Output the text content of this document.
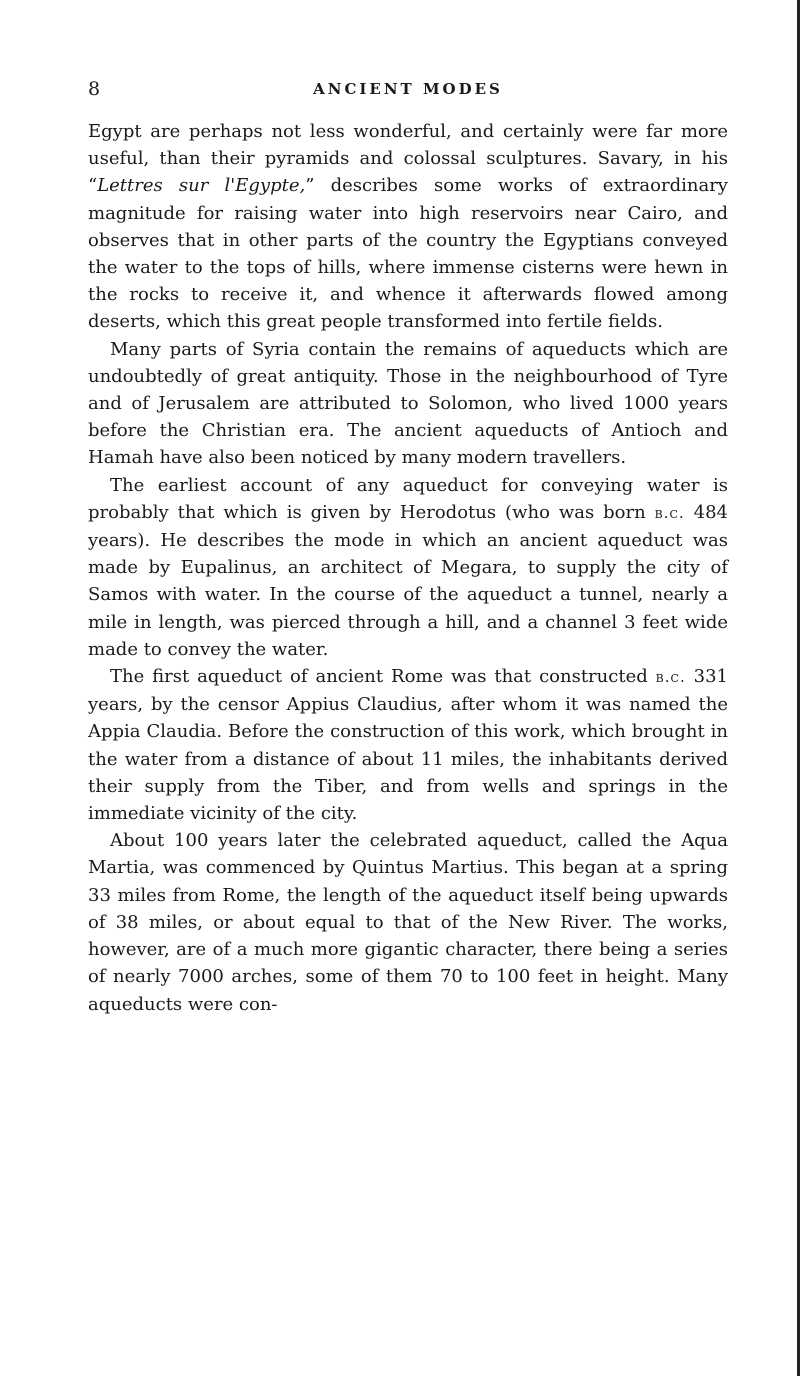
8	ANCIENT MODES

Egypt are perhaps not less wonderful, and certainly were far more useful, than their pyramids and colossal sculptures. Savary, in his “Lettres sur l'Egypte,” describes some works of extraordinary magnitude for raising water into high reservoirs near Cairo, and observes that in other parts of the country the Egyptians conveyed the water to the tops of hills, where immense cisterns were hewn in the rocks to receive it, and whence it afterwards flowed among deserts, which this great people transformed into fertile fields.

Many parts of Syria contain the remains of aqueducts which are undoubtedly of great antiquity. Those in the neighbourhood of Tyre and of Jerusalem are attributed to Solomon, who lived 1000 years before the Christian era. The ancient aqueducts of Antioch and Hamah have also been noticed by many modern travellers.

The earliest account of any aqueduct for conveying water is probably that which is given by Herodotus (who was born b.c. 484 years). He describes the mode in which an ancient aqueduct was made by Eupalinus, an architect of Megara, to supply the city of Samos with water. In the course of the aqueduct a tunnel, nearly a mile in length, was pierced through a hill, and a channel 3 feet wide made to convey the water.

The first aqueduct of ancient Rome was that constructed b.c. 331 years, by the censor Appius Claudius, after whom it was named the Appia Claudia. Before the construction of this work, which brought in the water from a distance of about 11 miles, the inhabitants derived their supply from the Tiber, and from wells and springs in the immediate vicinity of the city.

About 100 years later the celebrated aqueduct, called the Aqua Martia, was commenced by Quintus Martius. This began at a spring 33 miles from Rome, the length of the aqueduct itself being upwards of 38 miles, or about equal to that of the New River. The works, however, are of a much more gigantic character, there being a series of nearly 7000 arches, some of them 70 to 100 feet in height. Many aqueducts were con-
